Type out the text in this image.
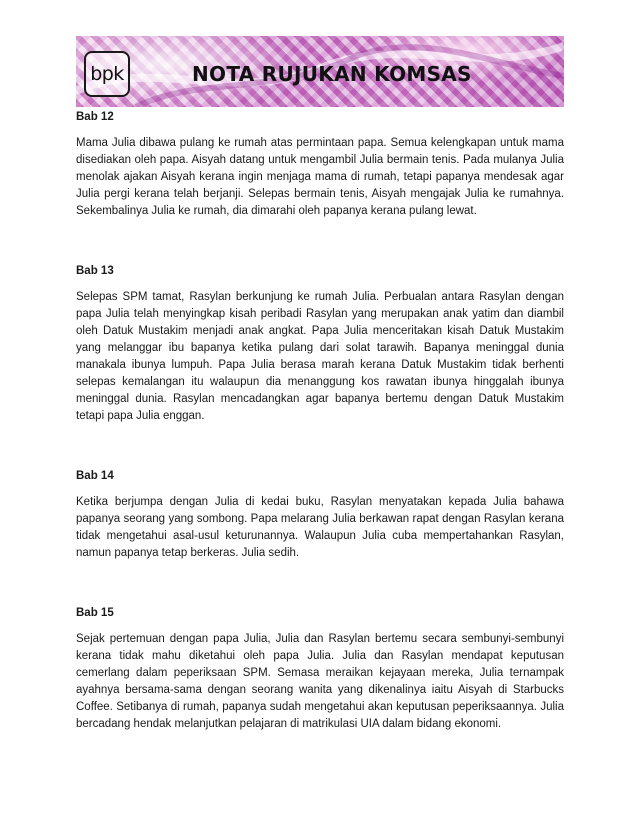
bpk	NOTA RUJUKAN KOMSAS

Bab 12

Mama Julia dibawa pulang ke rumah atas permintaan papa. Semua kelengkapan untuk mama disediakan oleh papa. Aisyah datang untuk mengambil Julia bermain tenis. Pada mulanya Julia menolak ajakan Aisyah kerana ingin menjaga mama di rumah, tetapi papanya mendesak agar Julia pergi kerana telah berjanji. Selepas bermain tenis, Aisyah mengajak Julia ke rumahnya. Sekembalinya Julia ke rumah, dia dimarahi oleh papanya kerana pulang lewat.

Bab 13

Selepas SPM tamat, Rasylan berkunjung ke rumah Julia. Perbualan antara Rasylan dengan papa Julia telah menyingkap kisah peribadi Rasylan yang merupakan anak yatim dan diambil oleh Datuk Mustakim menjadi anak angkat. Papa Julia menceritakan kisah Datuk Mustakim yang melanggar ibu bapanya ketika pulang dari solat tarawih. Bapanya meninggal dunia manakala ibunya lumpuh. Papa Julia berasa marah kerana Datuk Mustakim tidak berhenti selepas kemalangan itu walaupun dia menanggung kos rawatan ibunya hinggalah ibunya meninggal dunia. Rasylan mencadangkan agar bapanya bertemu dengan Datuk Mustakim tetapi papa Julia enggan.

Bab 14

Ketika berjumpa dengan Julia di kedai buku, Rasylan menyatakan kepada Julia bahawa papanya seorang yang sombong. Papa melarang Julia berkawan rapat dengan Rasylan kerana tidak mengetahui asal-usul keturunannya. Walaupun Julia cuba mempertahankan Rasylan, namun papanya tetap berkeras. Julia sedih.

Bab 15

Sejak pertemuan dengan papa Julia, Julia dan Rasylan bertemu secara sembunyi-sembunyi kerana tidak mahu diketahui oleh papa Julia. Julia dan Rasylan mendapat keputusan cemerlang dalam peperiksaan SPM. Semasa meraikan kejayaan mereka, Julia ternampak ayahnya bersama-sama dengan seorang wanita yang dikenalinya iaitu Aisyah di Starbucks Coffee. Setibanya di rumah, papanya sudah mengetahui akan keputusan peperiksaannya. Julia bercadang hendak melanjutkan pelajaran di matrikulasi UIA dalam bidang ekonomi.
